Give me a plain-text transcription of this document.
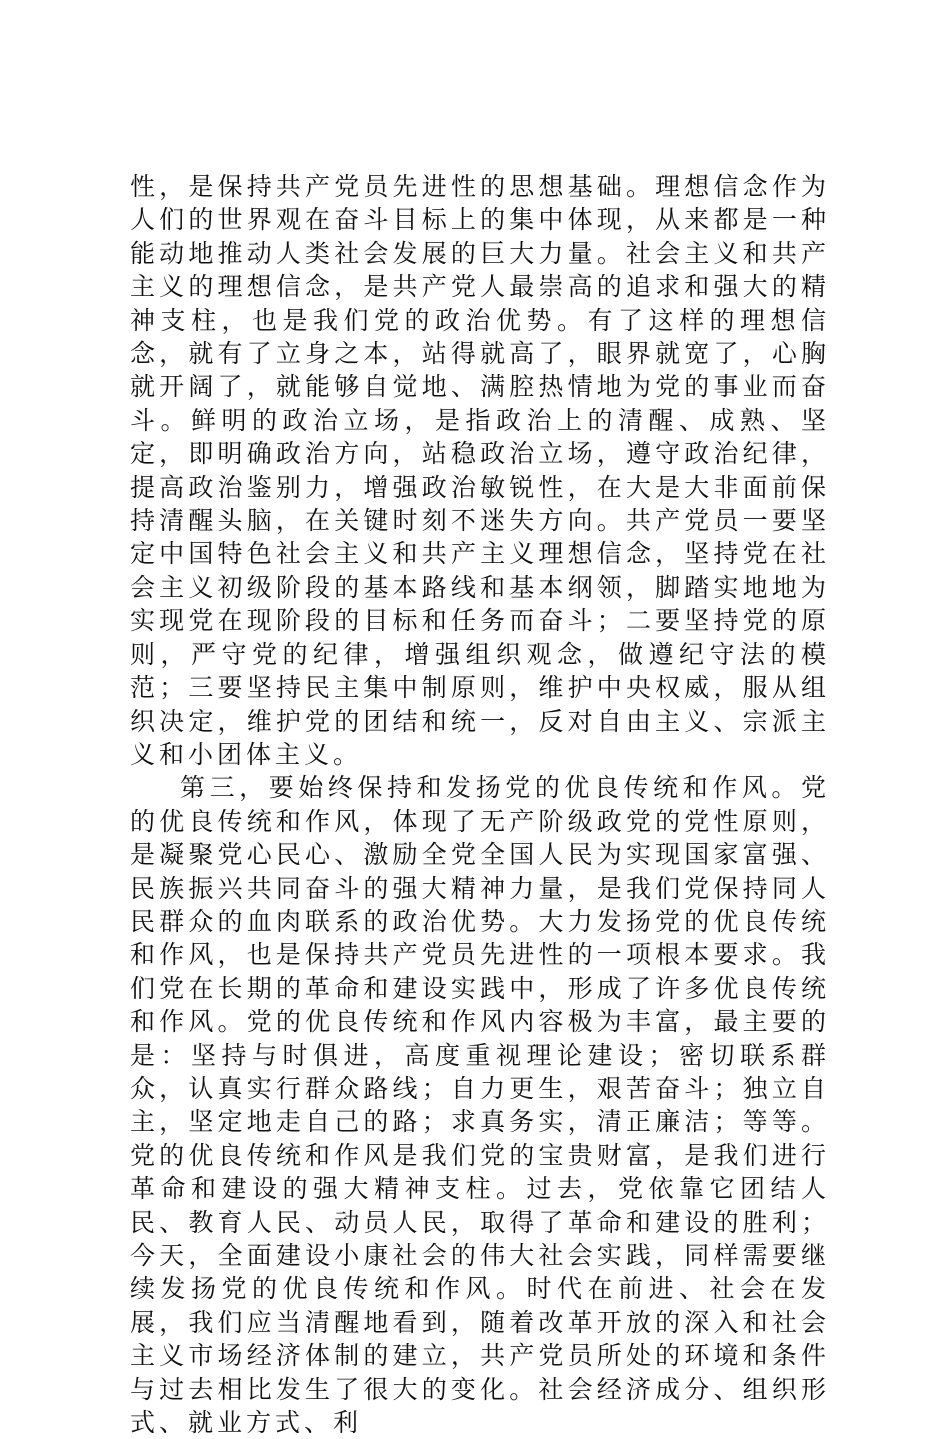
性，是保持共产党员先进性的思想基础。理想信念作为人们的世界观在奋斗目标上的集中体现，从来都是一种能动地推动人类社会发展的巨大力量。社会主义和共产主义的理想信念，是共产党人最崇高的追求和强大的精神支柱，也是我们党的政治优势。有了这样的理想信念，就有了立身之本，站得就高了，眼界就宽了，心胸就开阔了，就能够自觉地、满腔热情地为党的事业而奋斗。鲜明的政治立场，是指政治上的清醒、成熟、坚定，即明确政治方向，站稳政治立场，遵守政治纪律，提高政治鉴别力，增强政治敏锐性，在大是大非面前保持清醒头脑，在关键时刻不迷失方向。共产党员一要坚定中国特色社会主义和共产主义理想信念，坚持党在社会主义初级阶段的基本路线和基本纲领，脚踏实地地为实现党在现阶段的目标和任务而奋斗；二要坚持党的原则，严守党的纪律，增强组织观念，做遵纪守法的模范；三要坚持民主集中制原则，维护中央权威，服从组织决定，维护党的团结和统一，反对自由主义、宗派主义和小团体主义。

第三，要始终保持和发扬党的优良传统和作风。党的优良传统和作风，体现了无产阶级政党的党性原则，是凝聚党心民心、激励全党全国人民为实现国家富强、民族振兴共同奋斗的强大精神力量，是我们党保持同人民群众的血肉联系的政治优势。大力发扬党的优良传统和作风，也是保持共产党员先进性的一项根本要求。我们党在长期的革命和建设实践中，形成了许多优良传统和作风。党的优良传统和作风内容极为丰富，最主要的是：坚持与时俱进，高度重视理论建设；密切联系群众，认真实行群众路线；自力更生，艰苦奋斗；独立自主，坚定地走自己的路；求真务实，清正廉洁；等等。党的优良传统和作风是我们党的宝贵财富，是我们进行革命和建设的强大精神支柱。过去，党依靠它团结人民、教育人民、动员人民，取得了革命和建设的胜利；今天，全面建设小康社会的伟大社会实践，同样需要继续发扬党的优良传统和作风。时代在前进、社会在发展，我们应当清醒地看到，随着改革开放的深入和社会主义市场经济体制的建立，共产党员所处的环境和条件与过去相比发生了很大的变化。社会经济成分、组织形式、就业方式、利
